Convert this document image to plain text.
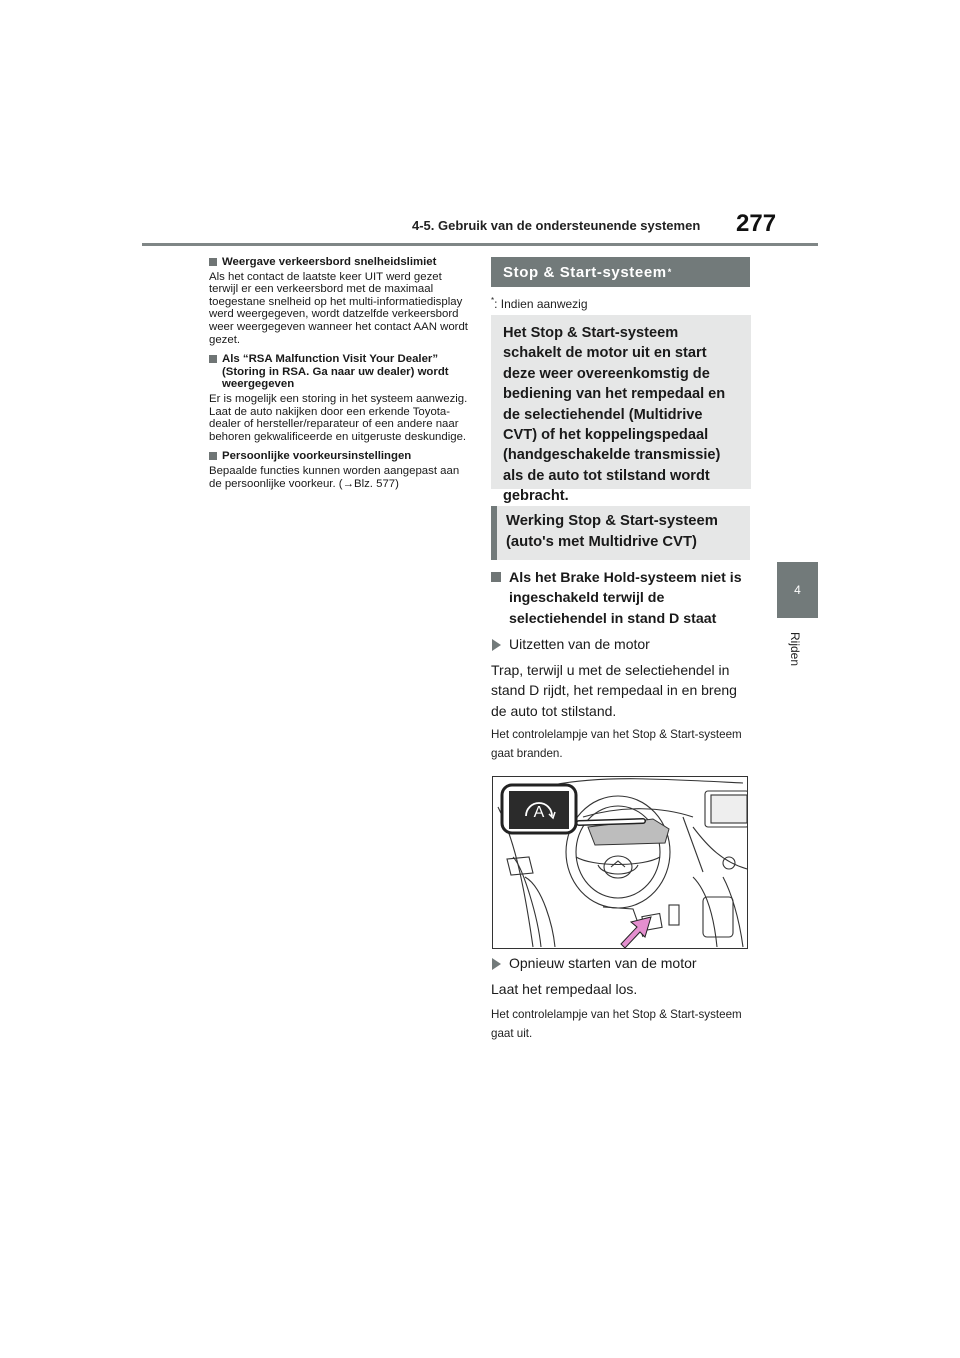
4-5. Gebruik van de ondersteunende systemen 277
4
Rijden
Weergave verkeersbord snelheidslimiet

Als het contact de laatste keer UIT werd gezet terwijl er een verkeersbord met de maximaal toegestane snelheid op het multi-informatiedisplay werd weergegeven, wordt datzelfde verkeersbord weer weergegeven wanneer het contact AAN wordt gezet.

Als “RSA Malfunction Visit Your Dealer” (Storing in RSA. Ga naar uw dealer) wordt weergegeven

Er is mogelijk een storing in het systeem aanwezig. Laat de auto nakijken door een erkende Toyota-dealer of hersteller/reparateur of een andere naar behoren gekwalificeerde en uitgeruste deskundige.

Persoonlijke voorkeursinstellingen

Bepaalde functies kunnen worden aangepast aan de persoonlijke voorkeur. (→Blz. 577)

Stop & Start-systeem *
*: Indien aanwezig
Het Stop & Start-systeem schakelt de motor uit en start deze weer overeenkomstig de bediening van het rempedaal en de selectiehendel (Multidrive CVT) of het koppelingspedaal (handgeschakelde transmissie) als de auto tot stilstand wordt gebracht.
Werking Stop & Start-systeem (auto's met Multidrive CVT)
Als het Brake Hold-systeem niet is ingeschakeld terwijl de selectiehendel in stand D staat
Uitzetten van de motor
Trap, terwijl u met de selectiehendel in stand D rijdt, het rempedaal in en breng de auto tot stilstand.
Het controlelampje van het Stop & Start-systeem gaat branden.
A
Opnieuw starten van de motor
Laat het rempedaal los.
Het controlelampje van het Stop & Start-systeem gaat uit.
